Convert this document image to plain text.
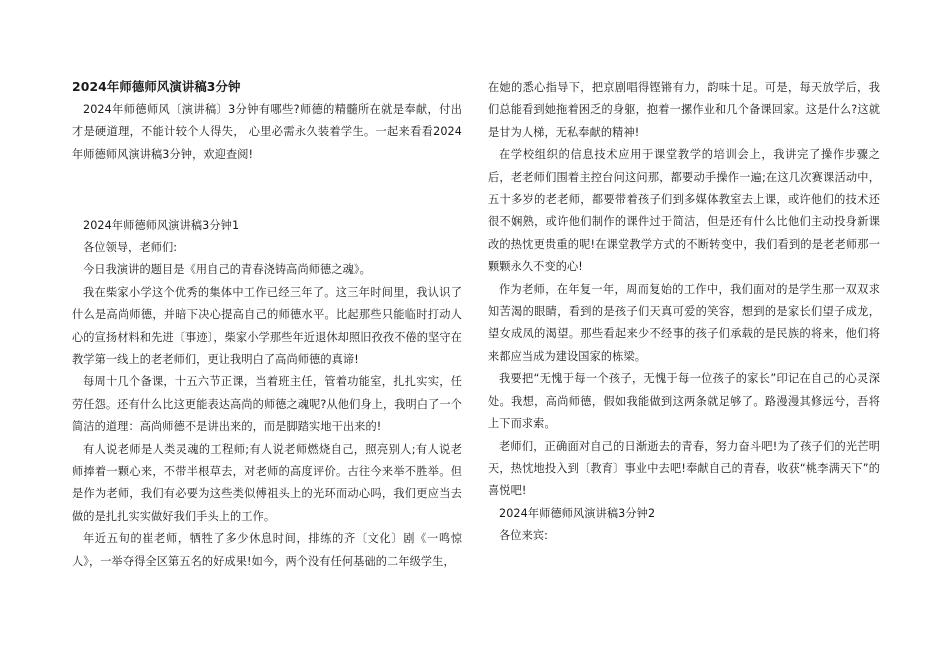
2024年师德师风演讲稿3分钟

2024年师德师风〔演讲稿〕3分钟有哪些?师德的精髓所在就是奉献，付出才是硬道理，不能计较个人得失， 心里必需永久装着学生。一起来看看2024年师德师风演讲稿3分钟，欢迎查阅!

2024年师德师风演讲稿3分钟1

各位领导，老师们:

今日我演讲的题目是《用自己的青春浇铸高尚师德之魂》。

我在柴家小学这个优秀的集体中工作已经三年了。这三年时间里，我认识了什么是高尚师德，并暗下决心提高自己的师德水平。比起那些只能临时打动人心的宣扬材料和先进〔事迹〕，柴家小学那些年近退休却照旧孜孜不倦的坚守在教学第一线上的老老师们，更让我明白了高尚师德的真谛!

每周十几个备课，十五六节正课，当着班主任，管着功能室，扎扎实实，任劳任怨。还有什么比这更能表达高尚的师德之魂呢?从他们身上，我明白了一个简洁的道理：高尚师德不是讲出来的，而是脚踏实地干出来的!

有人说老师是人类灵魂的工程师;有人说老师燃烧自己，照亮别人;有人说老师捧着一颗心来，不带半根草去，对老师的高度评价。古往今来举不胜举。但是作为老师，我们有必要为这些类似傅祖头上的光环而动心吗，我们更应当去做的是扎扎实实做好我们手头上的工作。

年近五旬的崔老师，牺牲了多少休息时间，排练的齐〔文化〕剧《一鸣惊人》，一举夺得全区第五名的好成果!如今，两个没有任何基础的二年级学生，

在她的悉心指导下，把京剧唱得铿锵有力，韵味十足。可是，每天放学后，我们总能看到她拖着困乏的身躯，抱着一摞作业和几个备课回家。这是什么?这就是甘为人梯，无私奉献的精神!

在学校组织的信息技术应用于课堂教学的培训会上，我讲完了操作步骤之后，老老师们围着主控台问这问那，都要动手操作一遍;在这几次赛课活动中，五十多岁的老老师，都要带着孩子们到多媒体教室去上课，或许他们的技术还很不娴熟，或许他们制作的课件过于简洁，但是还有什么比他们主动投身新课改的热忱更贵重的呢!在课堂教学方式的不断转变中，我们看到的是老老师那一颗颗永久不变的心!

作为老师，在年复一年，周而复始的工作中，我们面对的是学生那一双双求知苦渴的眼睛，看到的是孩子们天真可爱的笑容，想到的是家长们望子成龙，望女成凤的渴望。那些看起来少不经事的孩子们承载的是民族的将来，他们将来都应当成为建设国家的栋梁。

我要把“无愧于每一个孩子，无愧于每一位孩子的家长”印记在自己的心灵深处。我想，高尚师德，假如我能做到这两条就足够了。路漫漫其修远兮，吾将上下而求索。

老师们，正确面对自己的日渐逝去的青春，努力奋斗吧!为了孩子们的光芒明天，热忱地投入到〔教育〕事业中去吧!奉献自己的青春，收获“桃李满天下”的喜悦吧!

2024年师德师风演讲稿3分钟2

各位来宾:
